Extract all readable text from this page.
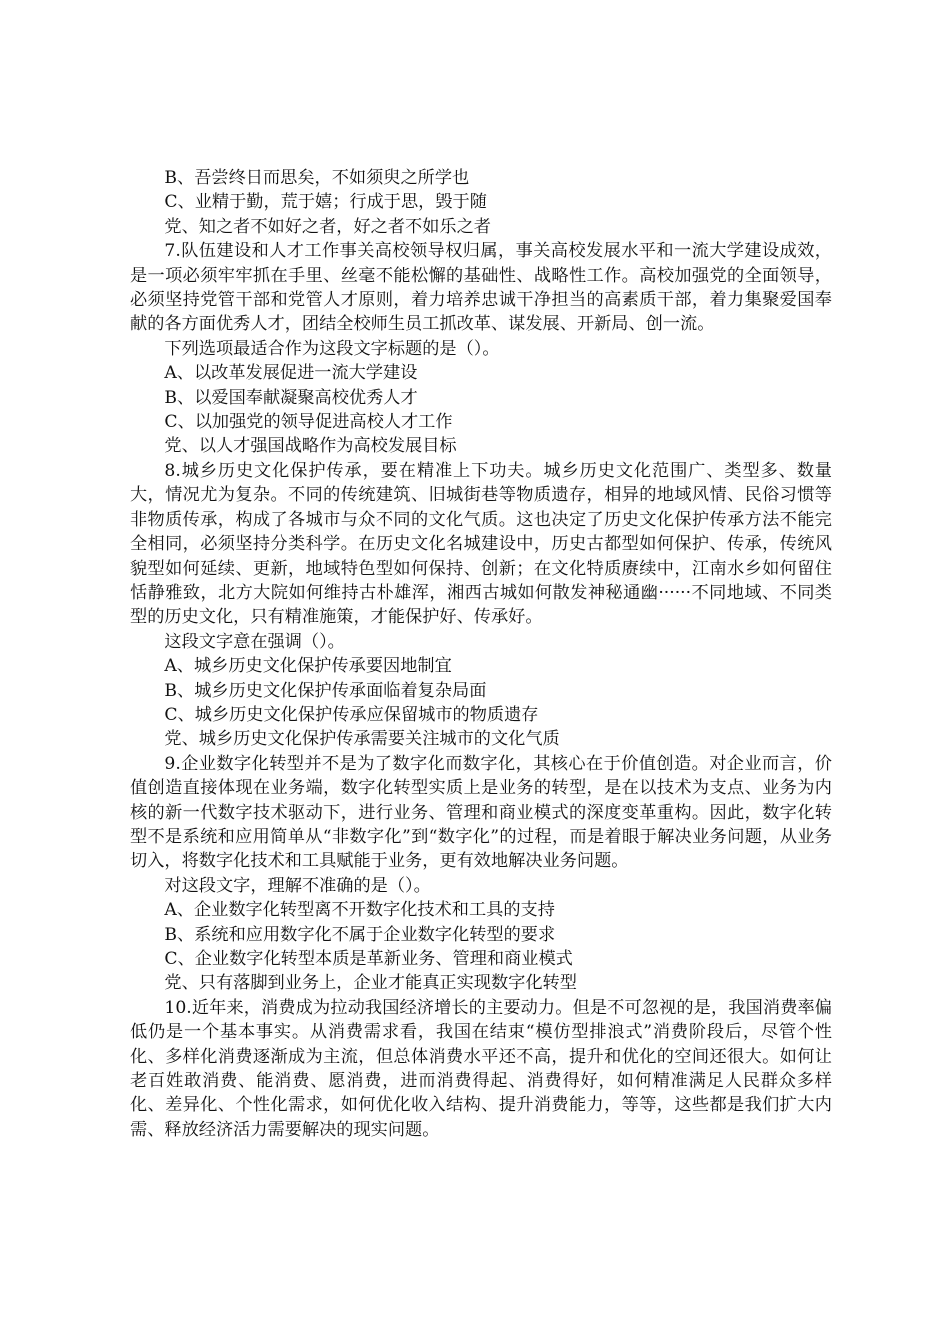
B、吾尝终日而思矣，不如须臾之所学也

C、业精于勤，荒于嬉；行成于思，毁于随

党、知之者不如好之者，好之者不如乐之者

7.队伍建设和人才工作事关高校领导权归属，事关高校发展水平和一流大学建设成效，是一项必须牢牢抓在手里、丝毫不能松懈的基础性、战略性工作。高校加强党的全面领导，必须坚持党管干部和党管人才原则，着力培养忠诚干净担当的高素质干部，着力集聚爱国奉献的各方面优秀人才，团结全校师生员工抓改革、谋发展、开新局、创一流。

下列选项最适合作为这段文字标题的是（）。

A、以改革发展促进一流大学建设

B、以爱国奉献凝聚高校优秀人才

C、以加强党的领导促进高校人才工作

党、以人才强国战略作为高校发展目标

8.城乡历史文化保护传承，要在精准上下功夫。城乡历史文化范围广、类型多、数量大，情况尤为复杂。不同的传统建筑、旧城街巷等物质遗存，相异的地域风情、民俗习惯等非物质传承，构成了各城市与众不同的文化气质。这也决定了历史文化保护传承方法不能完全相同，必须坚持分类科学。在历史文化名城建设中，历史古都型如何保护、传承，传统风貌型如何延续、更新，地域特色型如何保持、创新；在文化特质赓续中，江南水乡如何留住恬静雅致，北方大院如何维持古朴雄浑，湘西古城如何散发神秘通幽······不同地域、不同类型的历史文化，只有精准施策，才能保护好、传承好。

这段文字意在强调（）。

A、城乡历史文化保护传承要因地制宜

B、城乡历史文化保护传承面临着复杂局面

C、城乡历史文化保护传承应保留城市的物质遗存

党、城乡历史文化保护传承需要关注城市的文化气质

9.企业数字化转型并不是为了数字化而数字化，其核心在于价值创造。对企业而言，价值创造直接体现在业务端，数字化转型实质上是业务的转型，是在以技术为支点、业务为内核的新一代数字技术驱动下，进行业务、管理和商业模式的深度变革重构。因此，数字化转型不是系统和应用简单从“非数字化”到“数字化”的过程，而是着眼于解决业务问题，从业务切入，将数字化技术和工具赋能于业务，更有效地解决业务问题。

对这段文字，理解不准确的是（）。

A、企业数字化转型离不开数字化技术和工具的支持

B、系统和应用数字化不属于企业数字化转型的要求

C、企业数字化转型本质是革新业务、管理和商业模式

党、只有落脚到业务上，企业才能真正实现数字化转型

10.近年来，消费成为拉动我国经济增长的主要动力。但是不可忽视的是，我国消费率偏低仍是一个基本事实。从消费需求看，我国在结束“模仿型排浪式”消费阶段后，尽管个性化、多样化消费逐渐成为主流，但总体消费水平还不高，提升和优化的空间还很大。如何让老百姓敢消费、能消费、愿消费，进而消费得起、消费得好，如何精准满足人民群众多样化、差异化、个性化需求，如何优化收入结构、提升消费能力，等等，这些都是我们扩大内需、释放经济活力需要解决的现实问题。
